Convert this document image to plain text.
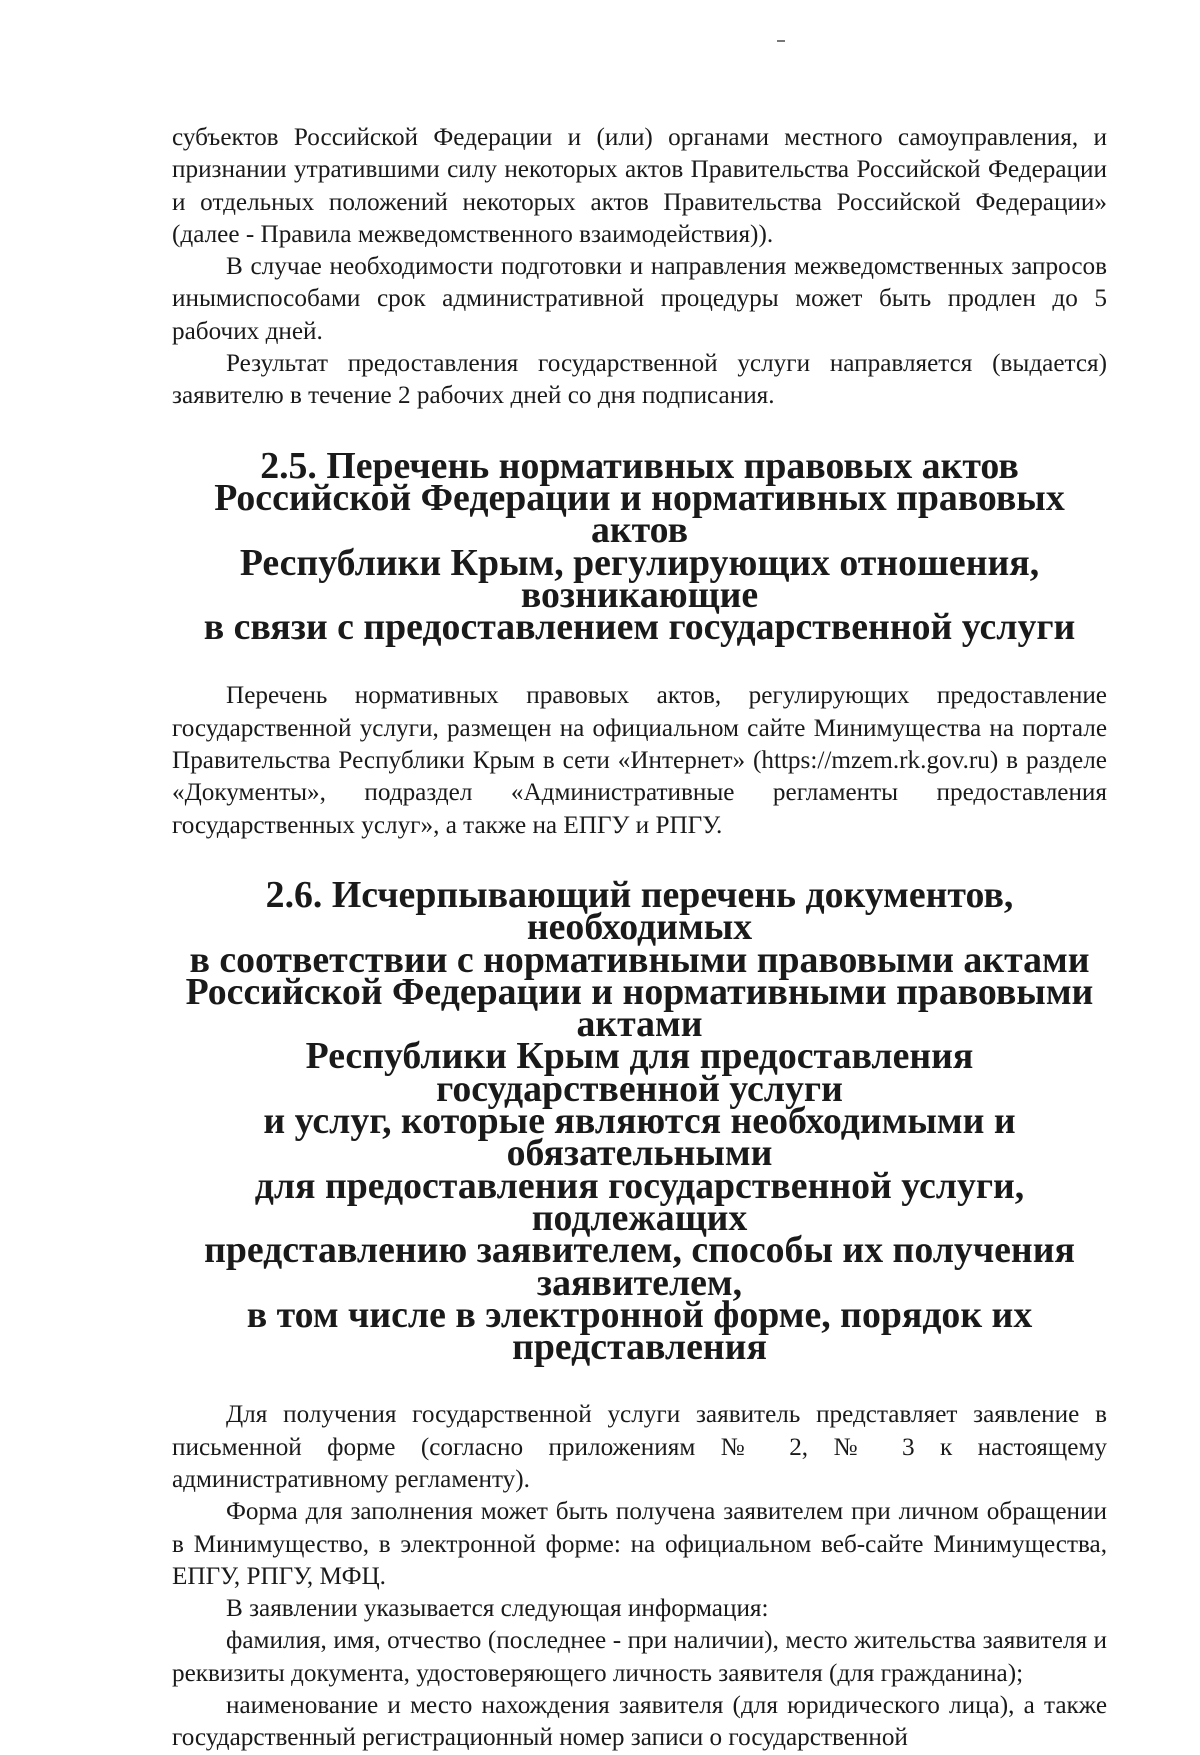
субъектов Российской Федерации и (или) органами местного самоуправления, и признании утратившими силу некоторых актов Правительства Российской Федерации и отдельных положений некоторых актов Правительства Российской Федерации» (далее - Правила межведомственного взаимодействия)).

В случае необходимости подготовки и направления межведомственных запросов инымиспособами срок административной процедуры может быть продлен до 5 рабочих дней.

Результат предоставления государственной услуги направляется (выдается) заявителю в течение 2 рабочих дней со дня подписания.

2.5. Перечень нормативных правовых актов
Российской Федерации и нормативных правовых актов
Республики Крым, регулирующих отношения, возникающие
в связи с предоставлением государственной услуги

Перечень нормативных правовых актов, регулирующих предоставление государственной услуги, размещен на официальном сайте Минимущества на портале Правительства Республики Крым в сети «Интернет» (https://mzem.rk.gov.ru) в разделе «Документы», подраздел «Административные регламенты предоставления государственных услуг», а также на ЕПГУ и РПГУ.

2.6. Исчерпывающий перечень документов, необходимых
в соответствии с нормативными правовыми актами
Российской Федерации и нормативными правовыми актами
Республики Крым для предоставления государственной услуги
и услуг, которые являются необходимыми и обязательными
для предоставления государственной услуги, подлежащих
представлению заявителем, способы их получения заявителем,
в том числе в электронной форме, порядок их представления

Для получения государственной услуги заявитель представляет заявление в письменной форме (согласно приложениям № 2, № 3 к настоящему административному регламенту).

Форма для заполнения может быть получена заявителем при личном обращении в Минимущество, в электронной форме: на официальном веб-сайте Минимущества, ЕПГУ, РПГУ, МФЦ.

В заявлении указывается следующая информация:

фамилия, имя, отчество (последнее - при наличии), место жительства заявителя и реквизиты документа, удостоверяющего личность заявителя (для гражданина);

наименование и место нахождения заявителя (для юридического лица), а также государственный регистрационный номер записи о государственной
